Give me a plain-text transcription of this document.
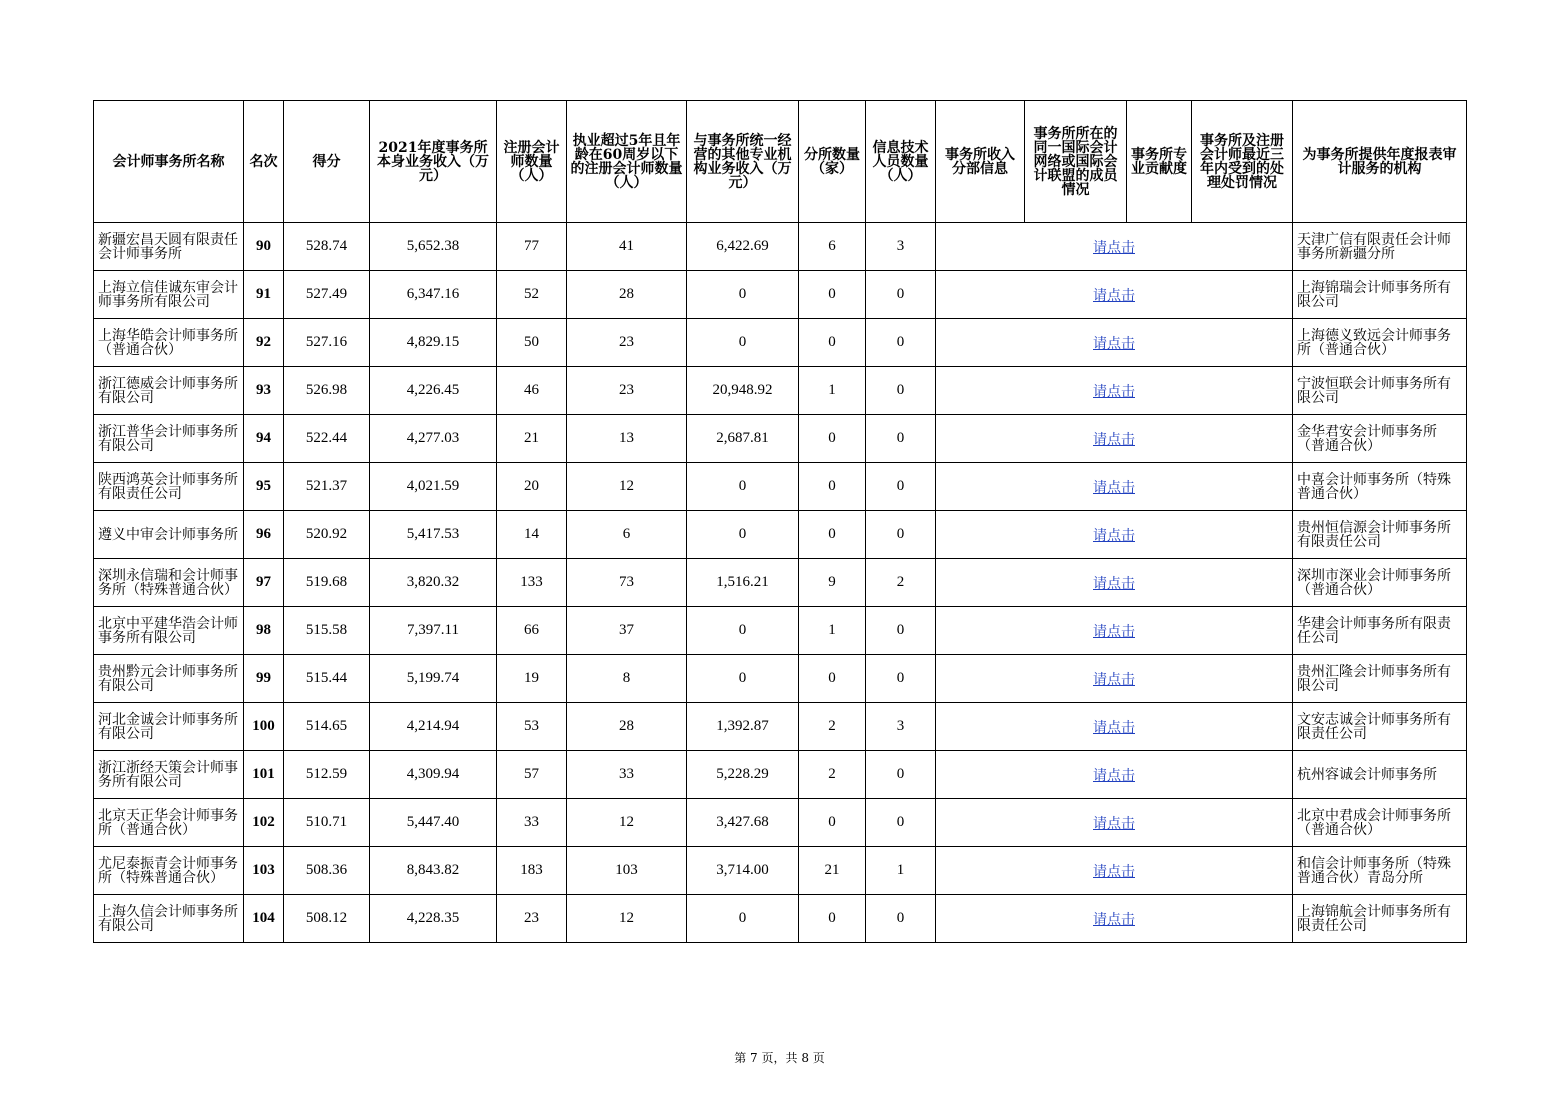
会计师事务所名称	名次	得分	2021年度事务所本身业务收入（万元）	注册会计师数量（人）	执业超过5年且年龄在60周岁以下的注册会计师数量（人）	与事务所统一经营的其他专业机构业务收入（万元）	分所数量（家）	信息技术人员数量（人）	事务所收入分部信息	事务所所在的同一国际会计网络或国际会计联盟的成员情况	事务所专业贡献度	事务所及注册会计师最近三年内受到的处理处罚情况	为事务所提供年度报表审计服务的机构
新疆宏昌天圆有限责任会计师事务所	90	528.74	5,652.38	77	41	6,422.69	6	3	请点击				天津广信有限责任会计师事务所新疆分所
上海立信佳诚东审会计师事务所有限公司	91	527.49	6,347.16	52	28	0	0	0	请点击				上海锦瑞会计师事务所有限公司
上海华皓会计师事务所（普通合伙）	92	527.16	4,829.15	50	23	0	0	0	请点击				上海德义致远会计师事务所（普通合伙）
浙江德威会计师事务所有限公司	93	526.98	4,226.45	46	23	20,948.92	1	0	请点击				宁波恒联会计师事务所有限公司
浙江普华会计师事务所有限公司	94	522.44	4,277.03	21	13	2,687.81	0	0	请点击				金华君安会计师事务所（普通合伙）
陕西鸿英会计师事务所有限责任公司	95	521.37	4,021.59	20	12	0	0	0	请点击				中喜会计师事务所（特殊普通合伙）
遵义中审会计师事务所	96	520.92	5,417.53	14	6	0	0	0	请点击				贵州恒信源会计师事务所有限责任公司
深圳永信瑞和会计师事务所（特殊普通合伙）	97	519.68	3,820.32	133	73	1,516.21	9	2	请点击				深圳市深业会计师事务所（普通合伙）
北京中平建华浩会计师事务所有限公司	98	515.58	7,397.11	66	37	0	1	0	请点击				华建会计师事务所有限责任公司
贵州黔元会计师事务所有限公司	99	515.44	5,199.74	19	8	0	0	0	请点击				贵州汇隆会计师事务所有限公司
河北金诚会计师事务所有限公司	100	514.65	4,214.94	53	28	1,392.87	2	3	请点击				文安志诚会计师事务所有限责任公司
浙江浙经天策会计师事务所有限公司	101	512.59	4,309.94	57	33	5,228.29	2	0	请点击				杭州容诚会计师事务所
北京天正华会计师事务所（普通合伙）	102	510.71	5,447.40	33	12	3,427.68	0	0	请点击				北京中君成会计师事务所（普通合伙）
尤尼泰振青会计师事务所（特殊普通合伙）	103	508.36	8,843.82	183	103	3,714.00	21	1	请点击				和信会计师事务所（特殊普通合伙）青岛分所
上海久信会计师事务所有限公司	104	508.12	4,228.35	23	12	0	0	0	请点击				上海锦航会计师事务所有限责任公司
第 7 页，共 8 页
